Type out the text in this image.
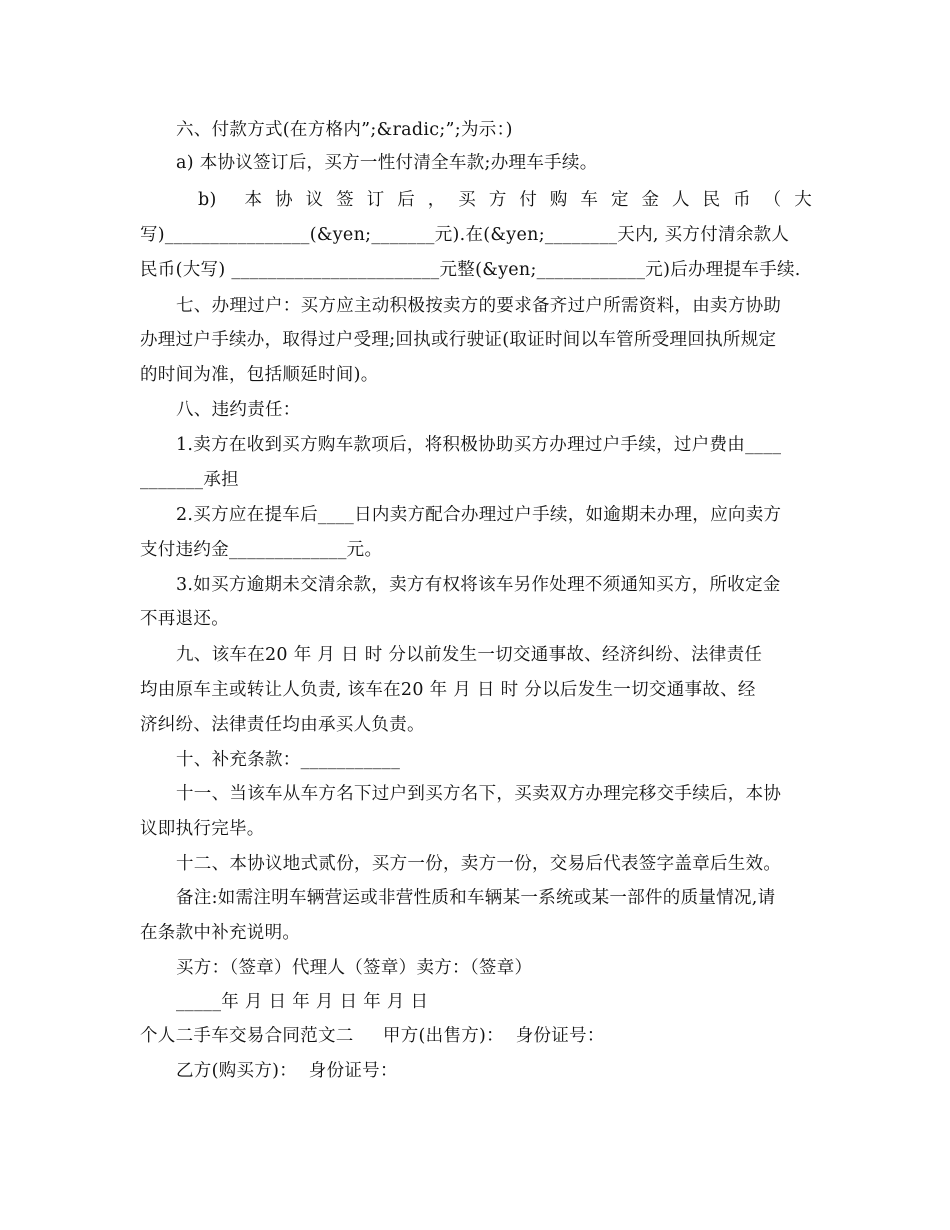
六、付款方式(在方格内”;&radic;”;为示：)
a) 本协议签订后，买方一性付清全车款;办理车手续。
b)   本 协 议 签 订 后 ， 买 方 付 购 车 定 金 人 民 币 （ 大
写)________________(&yen;_______元).在(&yen;________天内, 买方付清余款人
民币(大写) _______________________元整(&yen;____________元)后办理提车手续.
七、办理过户：买方应主动积极按卖方的要求备齐过户所需资料，由卖方协助
办理过户手续办，取得过户受理;回执或行驶证(取证时间以车管所受理回执所规定
的时间为准，包括顺延时间)。
八、违约责任：
1.卖方在收到买方购车款项后，将积极协助买方办理过户手续，过户费由____
_______承担
2.买方应在提车后____日内卖方配合办理过户手续，如逾期未办理，应向卖方
支付违约金_____________元。
3.如买方逾期未交清余款，卖方有权将该车另作处理不须通知买方，所收定金
不再退还。
九、该车在20 年 月 日 时 分以前发生一切交通事故、经济纠纷、法律责任
均由原车主或转让人负责, 该车在20 年 月 日 时 分以后发生一切交通事故、经
济纠纷、法律责任均由承买人负责。
十、补充条款：___________
十一、当该车从车方名下过户到买方名下，买卖双方办理完移交手续后，本协
议即执行完毕。
十二、本协议地式贰份，买方一份，卖方一份，交易后代表签字盖章后生效。
备注:如需注明车辆营运或非营性质和车辆某一系统或某一部件的质量情况,请
在条款中补充说明。
买方：（签章）代理人（签章）卖方：（签章）
_____年 月 日 年 月 日 年 月 日
个人二手车交易合同范文二     甲方(出售方)：  身份证号：
乙方(购买方)：  身份证号：
